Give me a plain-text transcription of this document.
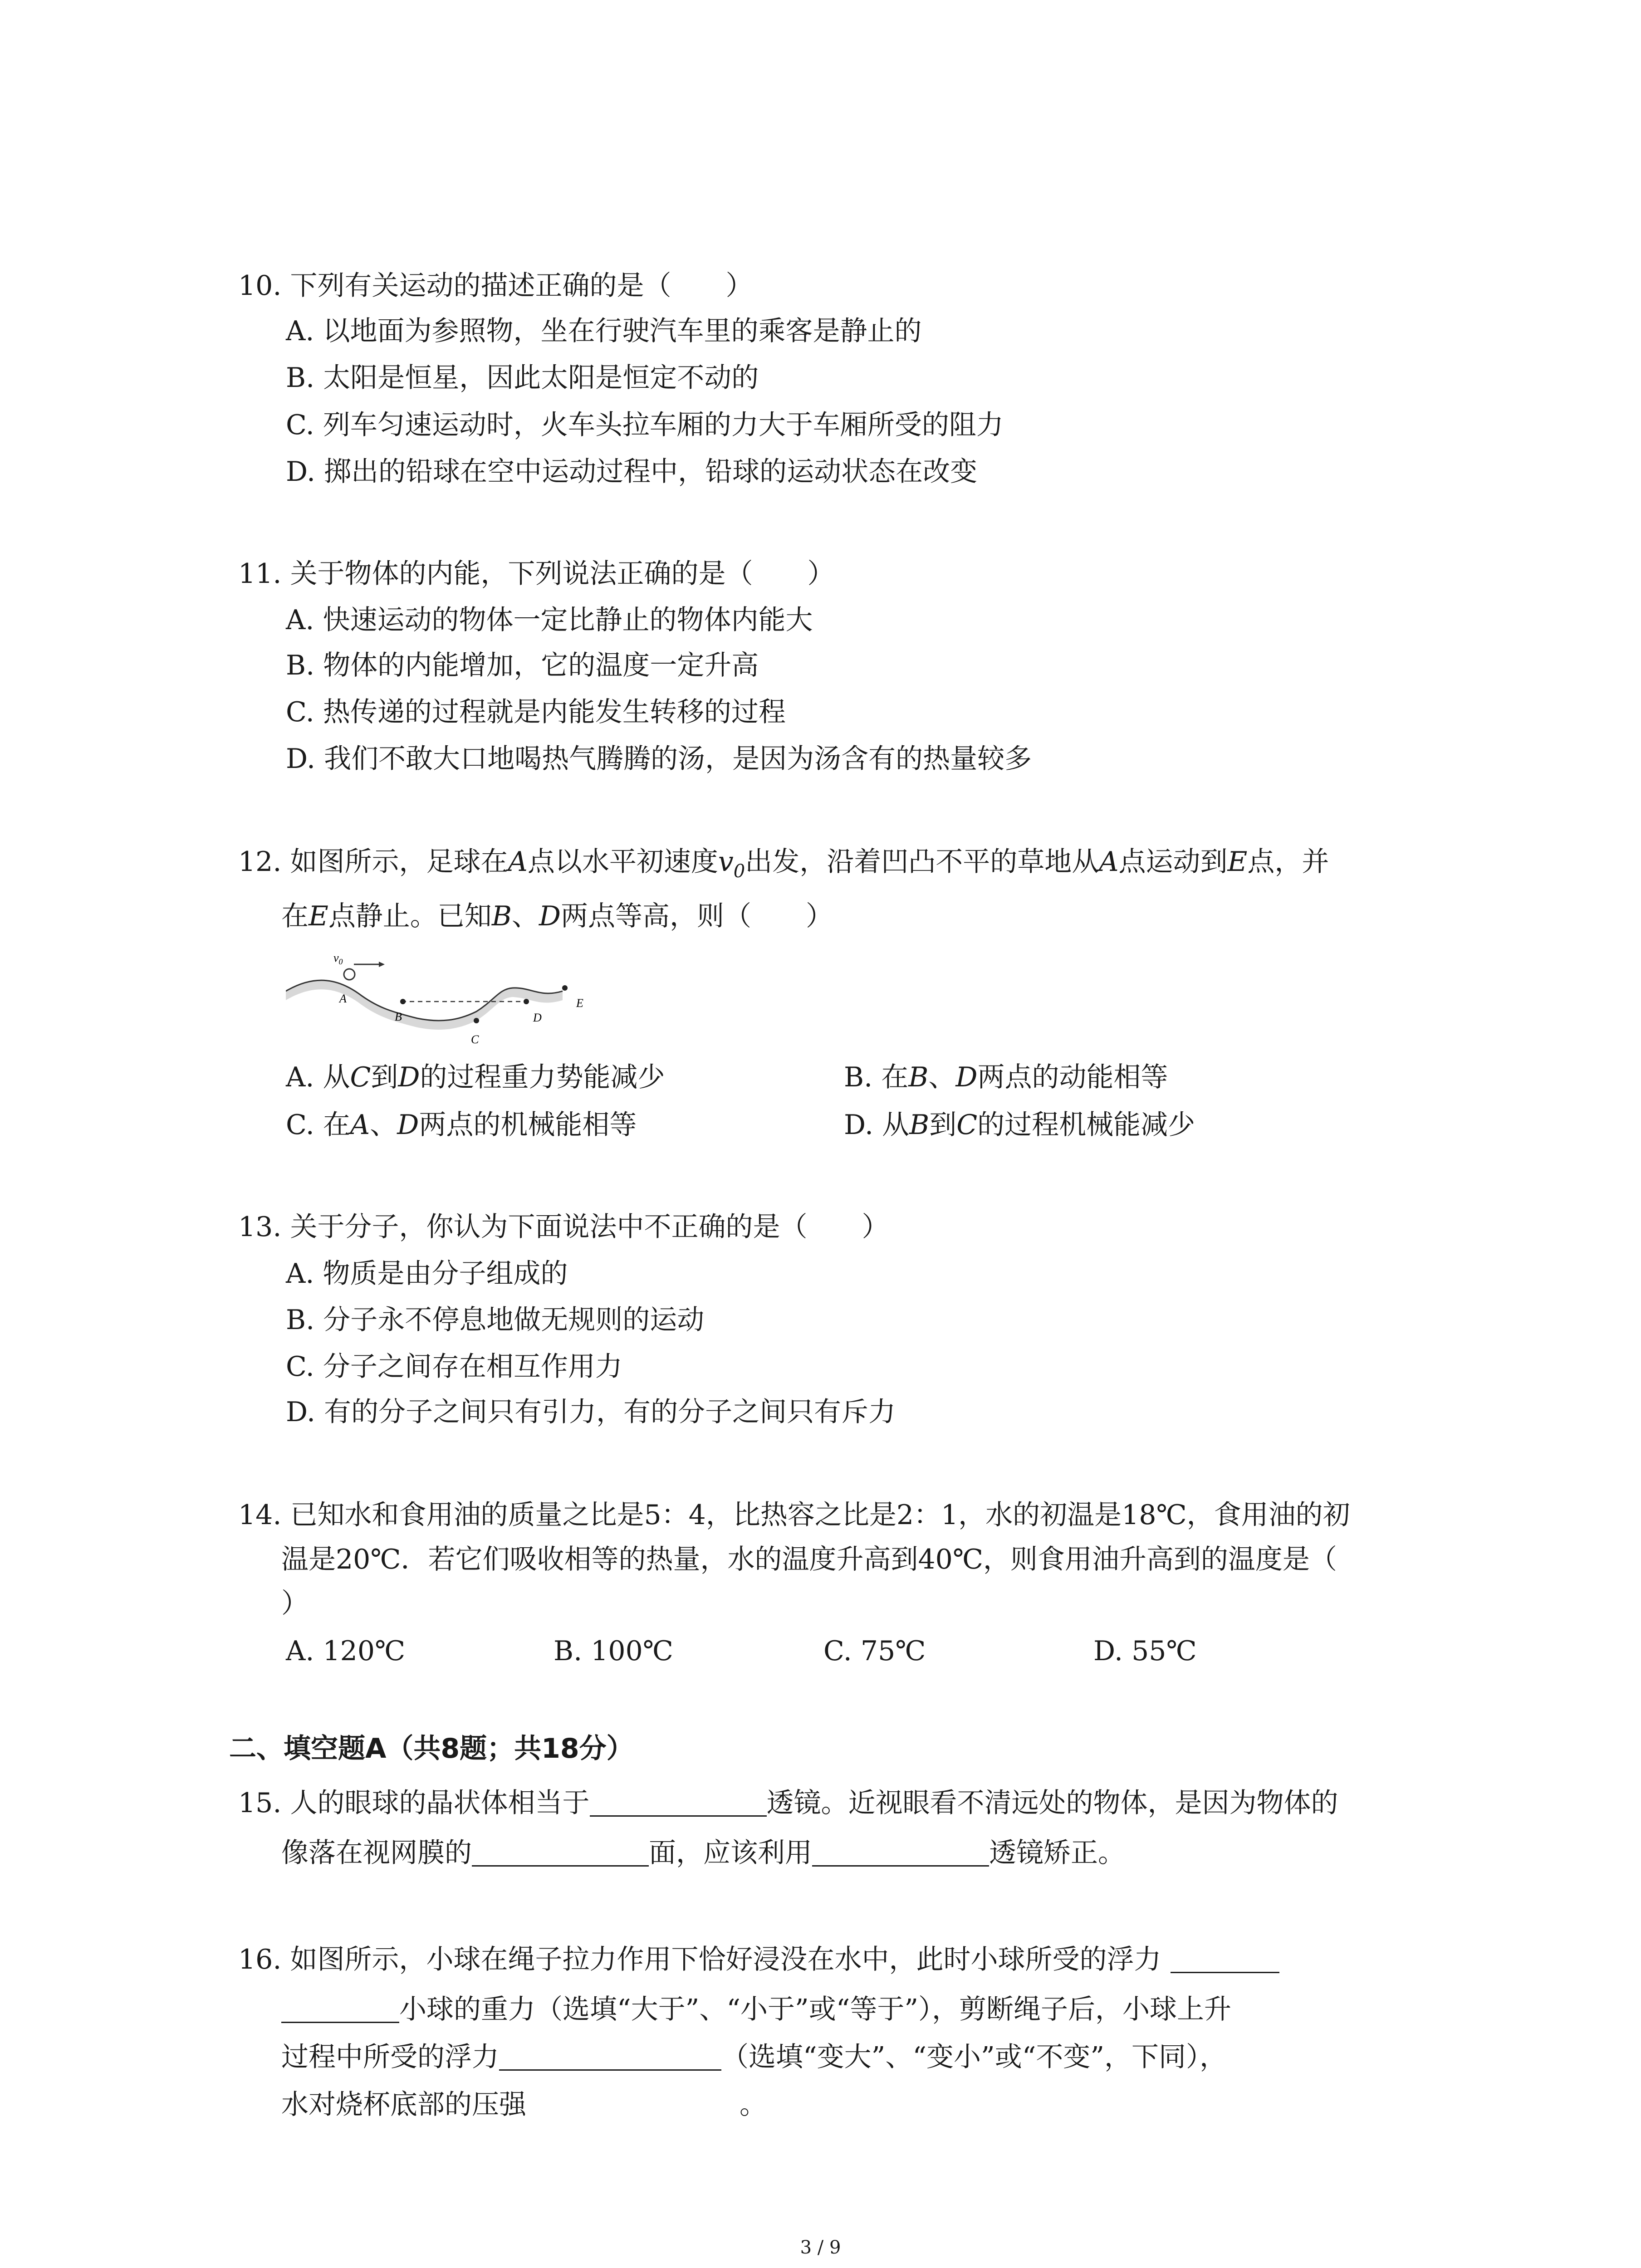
10. 下列有关运动的描述正确的是（　　）
A. 以地面为参照物，坐在行驶汽车里的乘客是静止的
B. 太阳是恒星，因此太阳是恒定不动的
C. 列车匀速运动时，火车头拉车厢的力大于车厢所受的阻力
D. 掷出的铅球在空中运动过程中，铅球的运动状态在改变
11. 关于物体的内能，下列说法正确的是（　　）
A. 快速运动的物体一定比静止的物体内能大
B. 物体的内能增加，它的温度一定升高
C. 热传递的过程就是内能发生转移的过程
D. 我们不敢大口地喝热气腾腾的汤，是因为汤含有的热量较多
12. 如图所示，足球在A点以水平初速度$v_0$出发，沿着凹凸不平的草地从A点运动到E点，并
在E点静止。已知B、D两点等高，则（　　）
$v_0$
A
B
C
D
E
A. 从C到D的过程重力势能减少	B. 在B、D两点的动能相等
C. 在A、D两点的机械能相等	D. 从B到C的过程机械能减少
13. 关于分子，你认为下面说法中不正确的是（　　）
A. 物质是由分子组成的
B. 分子永不停息地做无规则的运动
C. 分子之间存在相互作用力
D. 有的分子之间只有引力，有的分子之间只有斥力
14. 已知水和食用油的质量之比是5：4，比热容之比是2：1，水的初温是18℃，食用油的初
温是20℃．若它们吸收相等的热量，水的温度升高到40℃，则食用油升高到的温度是（
）
A. 120℃	B. 100℃	C. 75℃	D. 55℃
二、填空题A（共8题；共18分）
15. 人的眼球的晶状体相当于	透镜。近视眼看不清远处的物体，是因为物体的
像落在视网膜的	面，应该利用	透镜矫正。
16. 如图所示，小球在绳子拉力作用下恰好浸没在水中，此时小球所受的浮力
小球的重力（选填“大于”、“小于”或“等于”），剪断绳子后，小球上升
过程中所受的浮力	（选填“变大”、“变小”或“不变”，下同），
水对烧杯底部的压强	。
3 / 9
